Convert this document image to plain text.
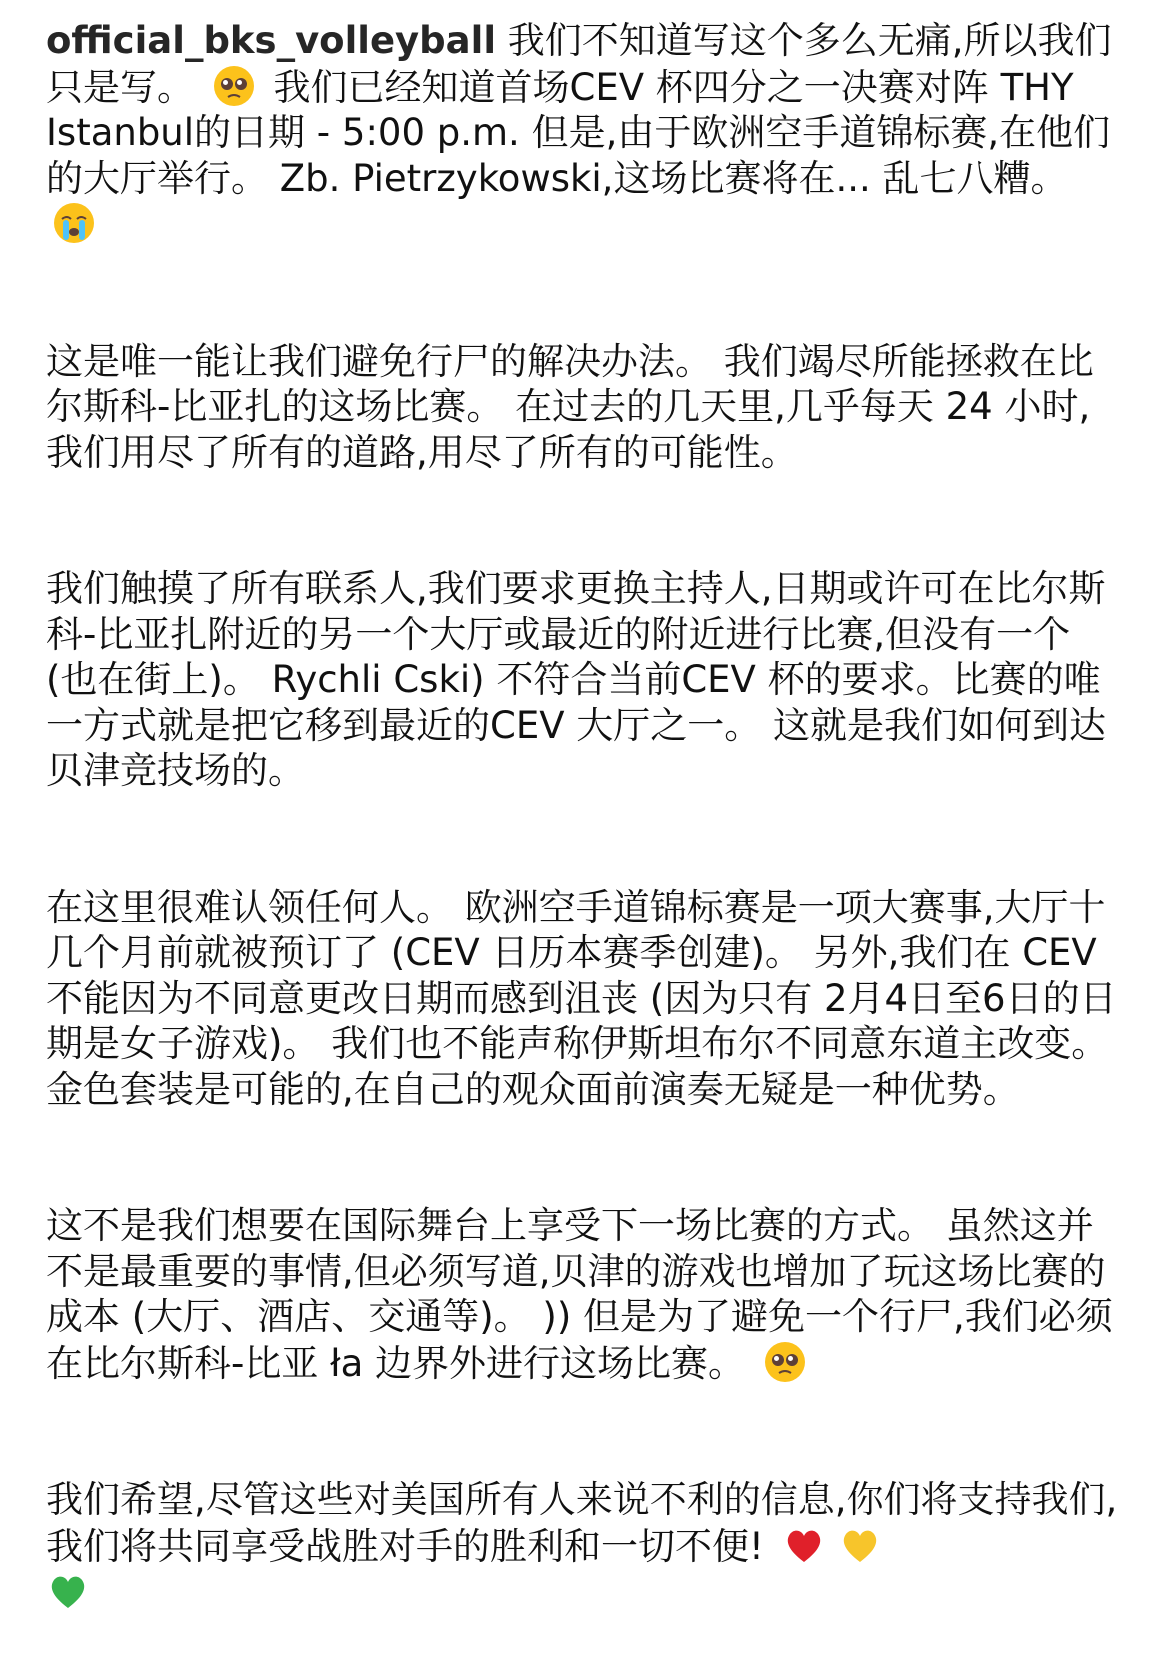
official_bks_volleyball 我们不知道写这个多么无痛,所以我们只是写。  我们已经知道首场CEV 杯四分之一决赛对阵 THY Istanbul的日期 - 5:00 p.m. 但是,由于欧洲空手道锦标赛,在他们的大厅举行。 Zb. Pietrzykowski,这场比赛将在... 乱七八糟。

这是唯一能让我们避免行尸的解决办法。 我们竭尽所能拯救在比尔斯科-比亚扎的这场比赛。 在过去的几天里,几乎每天 24 小时,我们用尽了所有的道路,用尽了所有的可能性。

我们触摸了所有联系人,我们要求更换主持人,日期或许可在比尔斯科-比亚扎附近的另一个大厅或最近的附近进行比赛,但没有一个 (也在街上)。 Rychli Cski) 不符合当前CEV 杯的要求。比赛的唯一方式就是把它移到最近的CEV 大厅之一。 这就是我们如何到达贝津竞技场的。

在这里很难认领任何人。 欧洲空手道锦标赛是一项大赛事,大厅十几个月前就被预订了 (CEV 日历本赛季创建)。 另外,我们在 CEV 不能因为不同意更改日期而感到沮丧 (因为只有 2月4日至6日的日期是女子游戏)。 我们也不能声称伊斯坦布尔不同意东道主改变。 金色套装是可能的,在自己的观众面前演奏无疑是一种优势。

这不是我们想要在国际舞台上享受下一场比赛的方式。 虽然这并不是最重要的事情,但必须写道,贝津的游戏也增加了玩这场比赛的成本 (大厅、酒店、交通等)。 )) 但是为了避免一个行尸,我们必须在比尔斯科-比亚 ła 边界外进行这场比赛。

我们希望,尽管这些对美国所有人来说不利的信息,你们将支持我们,我们将共同享受战胜对手的胜利和一切不便!
